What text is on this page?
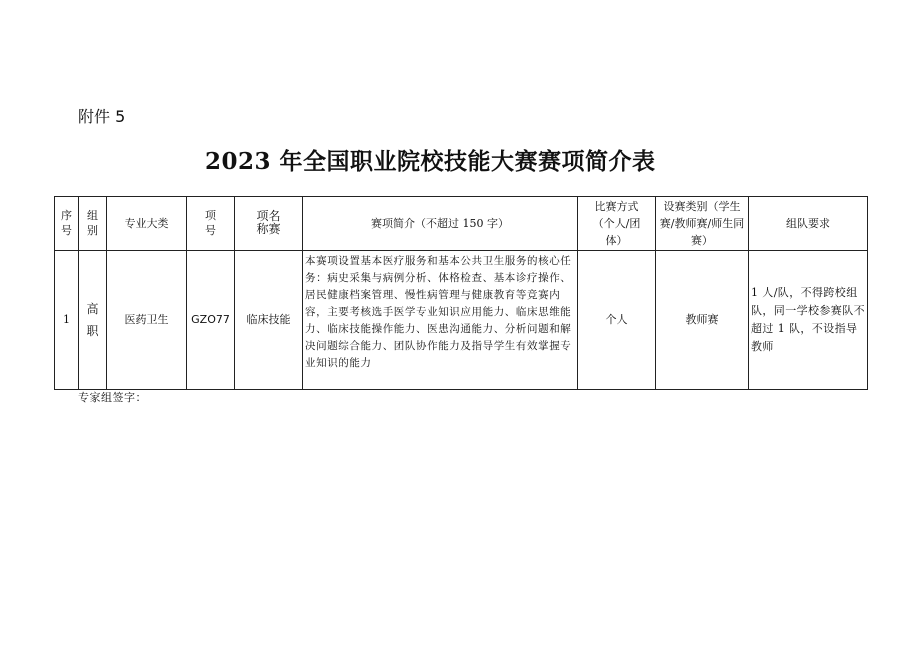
附件 5
2023 年全国职业院校技能大赛赛项简介表
序号	组别	专业大类	项号	项名称赛	赛项简介（不超过 150 字）	比赛方式（个人/团体）	设赛类别（学生赛/教师赛/师生同赛）	组队要求
1	高职	医药卫生	GZO77	临床技能	本赛项设置基本医疗服务和基本公共卫生服务的核心任务：病史采集与病例分析、体格检查、基本诊疗操作、居民健康档案管理、慢性病管理与健康教育等竞赛内容，主要考核选手医学专业知识应用能力、临床思维能力、临床技能操作能力、医患沟通能力、分析问题和解决问题综合能力、团队协作能力及指导学生有效掌握专业知识的能力	个人	教师赛	1 人/队，不得跨校组队，同一学校参赛队不超过 1 队，不设指导教师
专家组签字：
